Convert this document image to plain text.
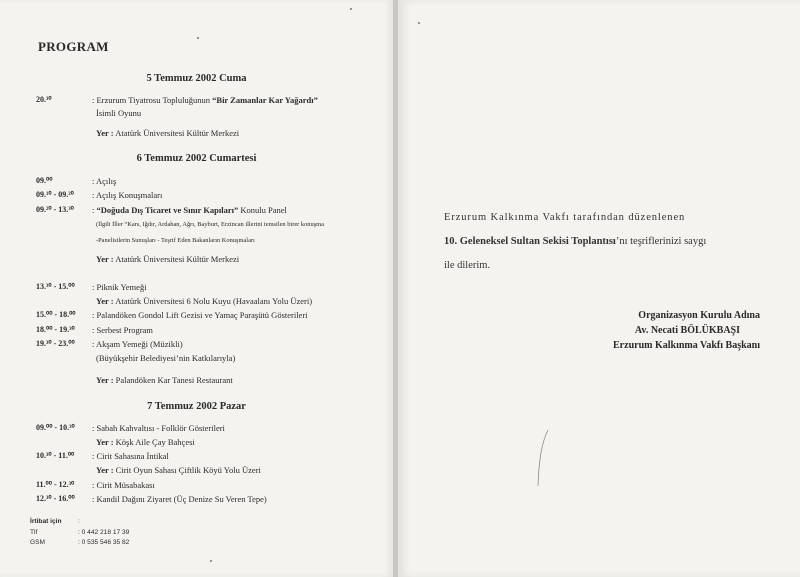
PROGRAM
5 Temmuz 2002 Cuma
20.³⁰	: Erzurum Tiyatrosu Topluluğunun “Bir Zamanlar Kar Yağardı”
İsimli Oyunu
Yer : Atatürk Üniversitesi Kültür Merkezi
6 Temmuz 2002 Cumartesi
09.⁰⁰	: Açılış
09.¹⁰ - 09.²⁰ : Açılış Konuşmaları
09.²⁰ - 13.³⁰ : “Doğuda Dış Ticaret ve Sınır Kapıları” Konulu Panel
(İlgili İller “Kars, Iğdır, Ardahan, Ağrı, Bayburt, Erzincan illerini temsilen birer konuşma
-Panelistlerin Sunuşları - Teşrif Eden Bakanların Konuşmaları
Yer : Atatürk Üniversitesi Kültür Merkezi
13.³⁰ - 15.⁰⁰ : Piknik Yemeği
Yer : Atatürk Üniversitesi 6 Nolu Kuyu (Havaalanı Yolu Üzeri)
15.⁰⁰ - 18.⁰⁰ : Palandöken Gondol Lift Gezisi ve Yamaç Paraşütü Gösterileri
18.⁰⁰ - 19.³⁰ : Serbest Program
19.³⁰ - 23.⁰⁰ : Akşam Yemeği (Müzikli)
(Büyükşehir Belediyesi’nin Katkılarıyla)
Yer : Palandöken Kar Tanesi Restaurant
7 Temmuz 2002 Pazar
09.⁰⁰ - 10.³⁰ : Sabah Kahvaltısı - Folklör Gösterileri
Yer : Köşk Aile Çay Bahçesi
10.³⁰ - 11.⁰⁰ : Cirit Sahasına İntikal
Yer : Cirit Oyun Sahası Çiftlik Köyü Yolu Üzeri
11.⁰⁰ - 12.³⁰ : Cirit Müsabakası
12.³⁰ - 16.⁰⁰ : Kandil Dağını Ziyaret (Üç Denize Su Veren Tepe)
İrtibat için :
Tlf	: 0 442 218 17 39
GSM	: 0 535 546 35 82
Erzurum Kalkınma Vakfı tarafından düzenlenen
10. Geleneksel Sultan Sekisi Toplantısı’nı teşriflerinizi saygı
ile dilerim.
Organizasyon Kurulu Adına
Av. Necati BÖLÜKBAŞI
Erzurum Kalkınma Vakfı Başkanı
